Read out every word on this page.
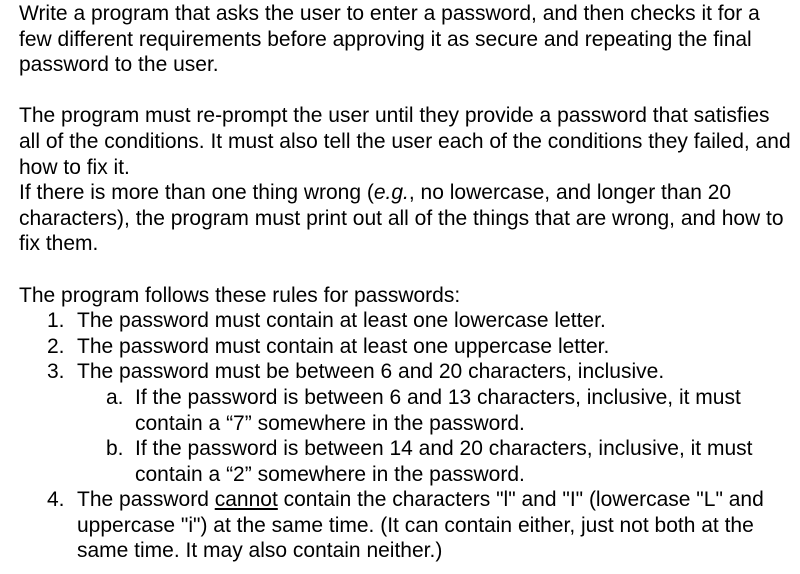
Write a program that asks the user to enter a password, and then checks it for a few different requirements before approving it as secure and repeating the final password to the user.

The program must re-prompt the user until they provide a password that satisfies all of the conditions. It must also tell the user each of the conditions they failed, and how to fix it.

If there is more than one thing wrong (e.g., no lowercase, and longer than 20 characters), the program must print out all of the things that are wrong, and how to fix them.

The program follows these rules for passwords:

1. The password must contain at least one lowercase letter.
2. The password must contain at least one uppercase letter.
3. The password must be between 6 and 20 characters, inclusive.
a. If the password is between 6 and 13 characters, inclusive, it must contain a “7” somewhere in the password.
b. If the password is between 14 and 20 characters, inclusive, it must contain a “2” somewhere in the password.
4. The password cannot contain the characters "l" and "I" (lowercase "L" and uppercase "i") at the same time. (It can contain either, just not both at the same time. It may also contain neither.)
